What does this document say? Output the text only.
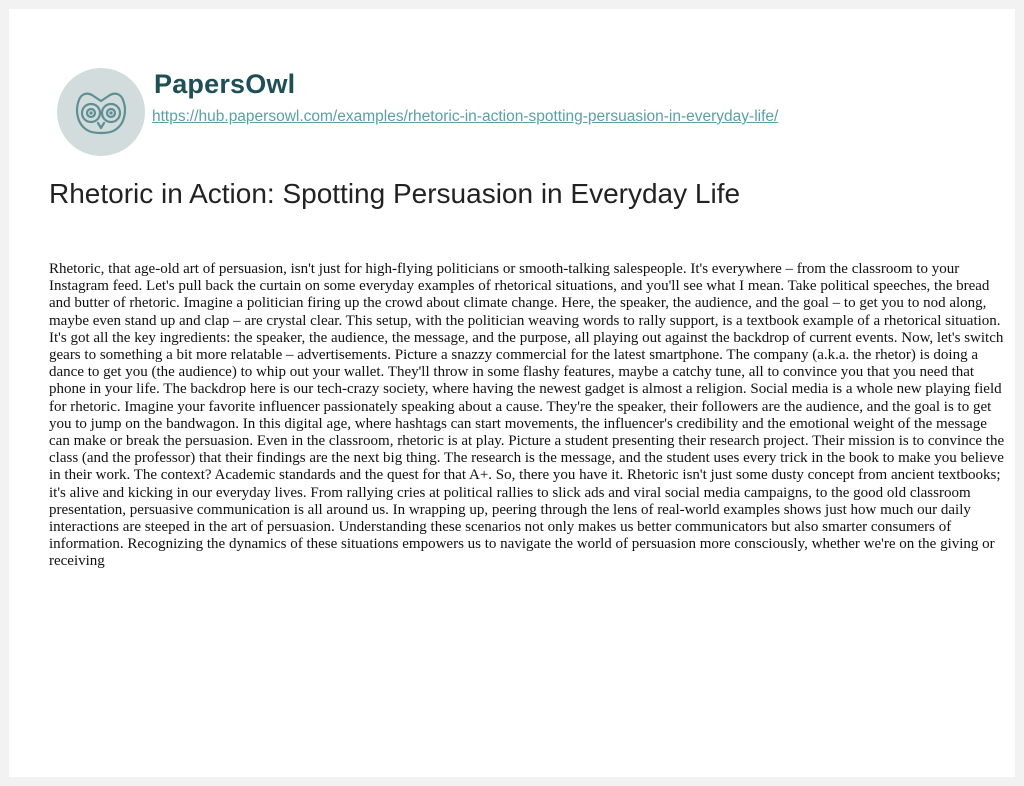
PapersOwl
https://hub.papersowl.com/examples/rhetoric-in-action-spotting-persuasion-in-everyday-life/
Rhetoric in Action: Spotting Persuasion in Everyday Life

Rhetoric, that age-old art of persuasion, isn't just for high-flying politicians or smooth-talking salespeople. It's everywhere – from the classroom to your Instagram feed. Let's pull back the curtain on some everyday examples of rhetorical situations, and you'll see what I mean. Take political speeches, the bread and butter of rhetoric. Imagine a politician firing up the crowd about climate change. Here, the speaker, the audience, and the goal – to get you to nod along, maybe even stand up and clap – are crystal clear. This setup, with the politician weaving words to rally support, is a textbook example of a rhetorical situation. It's got all the key ingredients: the speaker, the audience, the message, and the purpose, all playing out against the backdrop of current events. Now, let's switch gears to something a bit more relatable – advertisements. Picture a snazzy commercial for the latest smartphone. The company (a.k.a. the rhetor) is doing a dance to get you (the audience) to whip out your wallet. They'll throw in some flashy features, maybe a catchy tune, all to convince you that you need that phone in your life. The backdrop here is our tech-crazy society, where having the newest gadget is almost a religion. Social media is a whole new playing field for rhetoric. Imagine your favorite influencer passionately speaking about a cause. They're the speaker, their followers are the audience, and the goal is to get you to jump on the bandwagon. In this digital age, where hashtags can start movements, the influencer's credibility and the emotional weight of the message can make or break the persuasion. Even in the classroom, rhetoric is at play. Picture a student presenting their research project. Their mission is to convince the class (and the professor) that their findings are the next big thing. The research is the message, and the student uses every trick in the book to make you believe in their work. The context? Academic standards and the quest for that A+. So, there you have it. Rhetoric isn't just some dusty concept from ancient textbooks; it's alive and kicking in our everyday lives. From rallying cries at political rallies to slick ads and viral social media campaigns, to the good old classroom presentation, persuasive communication is all around us. In wrapping up, peering through the lens of real-world examples shows just how much our daily interactions are steeped in the art of persuasion. Understanding these scenarios not only makes us better communicators but also smarter consumers of information. Recognizing the dynamics of these situations empowers us to navigate the world of persuasion more consciously, whether we're on the giving or receiving
